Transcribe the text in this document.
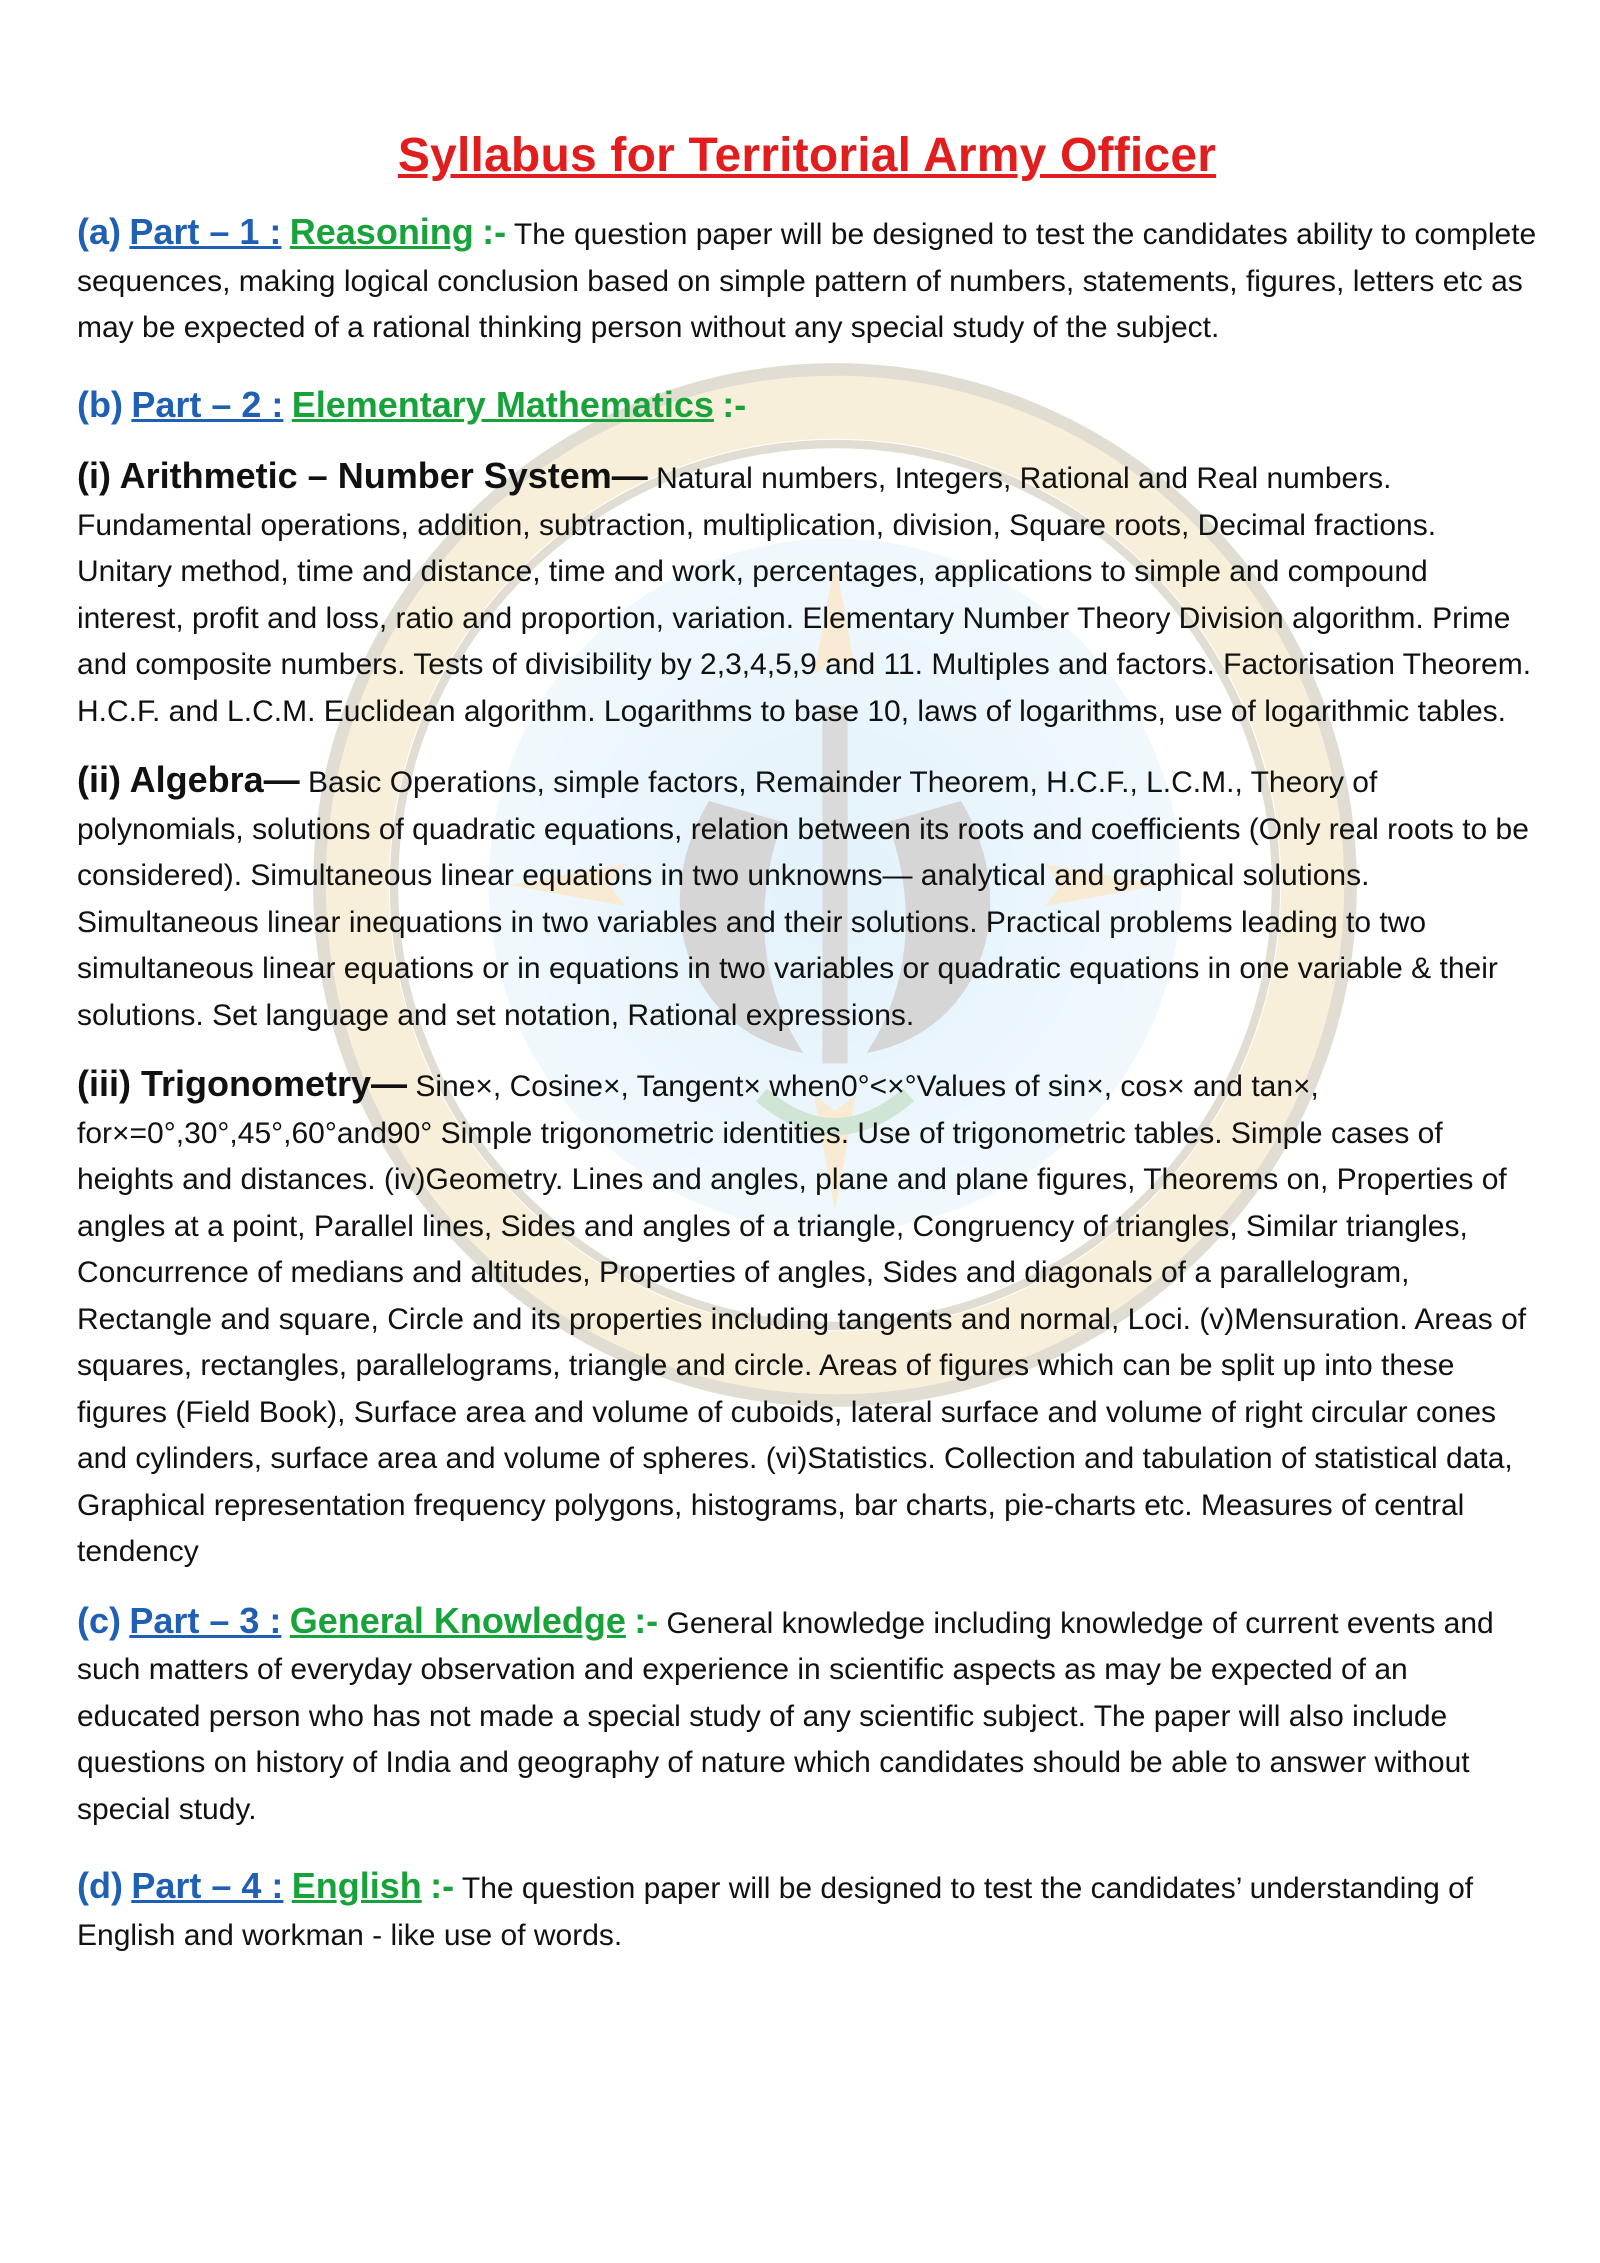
Syllabus for Territorial Army Officer

(a) Part – 1 : Reasoning :- The question paper will be designed to test the candidates ability to complete sequences, making logical conclusion based on simple pattern of numbers, statements, figures, letters etc as may be expected of a rational thinking person without any special study of the subject.

(b) Part – 2 : Elementary Mathematics :-

(i) Arithmetic – Number System— Natural numbers, Integers, Rational and Real numbers. Fundamental operations, addition, subtraction, multiplication, division, Square roots, Decimal fractions. Unitary method, time and distance, time and work, percentages, applications to simple and compound interest, profit and loss, ratio and proportion, variation. Elementary Number Theory Division algorithm. Prime and composite numbers. Tests of divisibility by 2,3,4,5,9 and 11. Multiples and factors. Factorisation Theorem. H.C.F. and L.C.M. Euclidean algorithm. Logarithms to base 10, laws of logarithms, use of logarithmic tables.

(ii) Algebra— Basic Operations, simple factors, Remainder Theorem, H.C.F., L.C.M., Theory of polynomials, solutions of quadratic equations, relation between its roots and coefficients (Only real roots to be considered). Simultaneous linear equations in two unknowns— analytical and graphical solutions. Simultaneous linear inequations in two variables and their solutions. Practical problems leading to two simultaneous linear equations or in equations in two variables or quadratic equations in one variable & their solutions. Set language and set notation, Rational expressions.

(iii) Trigonometry— Sine×, Cosine×, Tangent× when0°<×°Values of sin×, cos× and tan×, for×=0°,30°,45°,60°and90° Simple trigonometric identities. Use of trigonometric tables. Simple cases of heights and distances. (iv)Geometry. Lines and angles, plane and plane figures, Theorems on, Properties of angles at a point, Parallel lines, Sides and angles of a triangle, Congruency of triangles, Similar triangles, Concurrence of medians and altitudes, Properties of angles, Sides and diagonals of a parallelogram, Rectangle and square, Circle and its properties including tangents and normal, Loci. (v)Mensuration. Areas of squares, rectangles, parallelograms, triangle and circle. Areas of figures which can be split up into these figures (Field Book), Surface area and volume of cuboids, lateral surface and volume of right circular cones and cylinders, surface area and volume of spheres. (vi)Statistics. Collection and tabulation of statistical data, Graphical representation frequency polygons, histograms, bar charts, pie-charts etc. Measures of central tendency

(c) Part – 3 : General Knowledge :- General knowledge including knowledge of current events and such matters of everyday observation and experience in scientific aspects as may be expected of an educated person who has not made a special study of any scientific subject. The paper will also include questions on history of India and geography of nature which candidates should be able to answer without special study.

(d) Part – 4 : English :- The question paper will be designed to test the candidates’ understanding of English and workman - like use of words.
